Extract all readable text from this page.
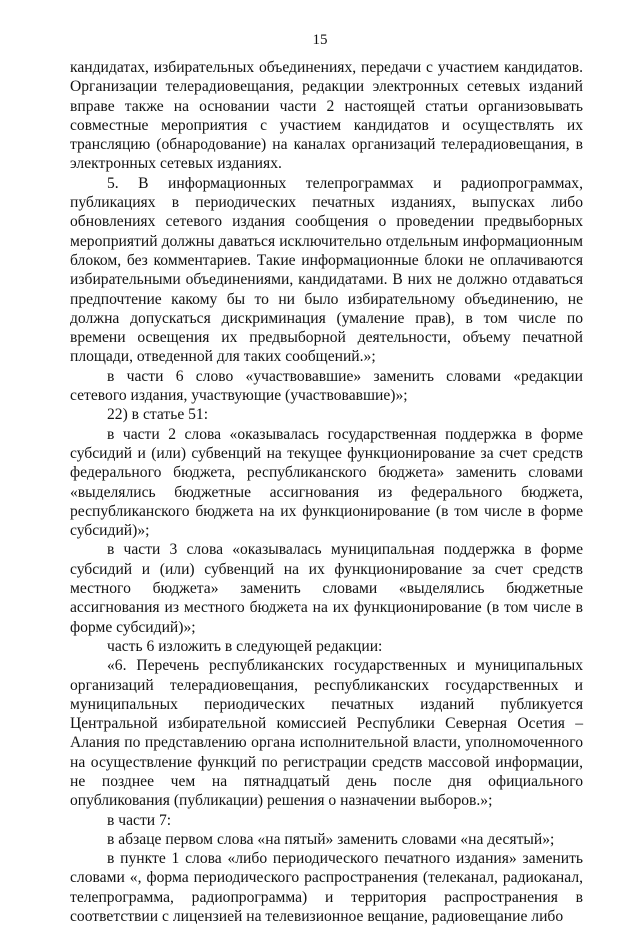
15

кандидатах, избирательных объединениях, передачи с участием кандидатов. Организации телерадиовещания, редакции электронных сетевых изданий вправе также на основании части 2 настоящей статьи организовывать совместные мероприятия с участием кандидатов и осуществлять их трансляцию (обнародование) на каналах организаций телерадиовещания, в электронных сетевых изданиях.

5. В информационных телепрограммах и радиопрограммах, публикациях в периодических печатных изданиях, выпусках либо обновлениях сетевого издания сообщения о проведении предвыборных мероприятий должны даваться исключительно отдельным информационным блоком, без комментариев. Такие информационные блоки не оплачиваются избирательными объединениями, кандидатами. В них не должно отдаваться предпочтение какому бы то ни было избирательному объединению, не должна допускаться дискриминация (умаление прав), в том числе по времени освещения их предвыборной деятельности, объему печатной площади, отведенной для таких сообщений.»;

в части 6 слово «участвовавшие» заменить словами «редакции сетевого издания, участвующие (участвовавшие)»;

22) в статье 51:

в части 2 слова «оказывалась государственная поддержка в форме субсидий и (или) субвенций на текущее функционирование за счет средств федерального бюджета, республиканского бюджета» заменить словами «выделялись бюджетные ассигнования из федерального бюджета, республиканского бюджета на их функционирование (в том числе в форме субсидий)»;

в части 3 слова «оказывалась муниципальная поддержка в форме субсидий и (или) субвенций на их функционирование за счет средств местного бюджета» заменить словами «выделялись бюджетные ассигнования из местного бюджета на их функционирование (в том числе в форме субсидий)»;

часть 6 изложить в следующей редакции:

«6. Перечень республиканских государственных и муниципальных организаций телерадиовещания, республиканских государственных и муниципальных периодических печатных изданий публикуется Центральной избирательной комиссией Республики Северная Осетия – Алания по представлению органа исполнительной власти, уполномоченного на осуществление функций по регистрации средств массовой информации, не позднее чем на пятнадцатый день после дня официального опубликования (публикации) решения о назначении выборов.»;

в части 7:

в абзаце первом слова «на пятый» заменить словами «на десятый»;

в пункте 1 слова «либо периодического печатного издания» заменить словами «, форма периодического распространения (телеканал, радиоканал, телепрограмма, радиопрограмма) и территория распространения в соответствии с лицензией на телевизионное вещание, радиовещание либо
